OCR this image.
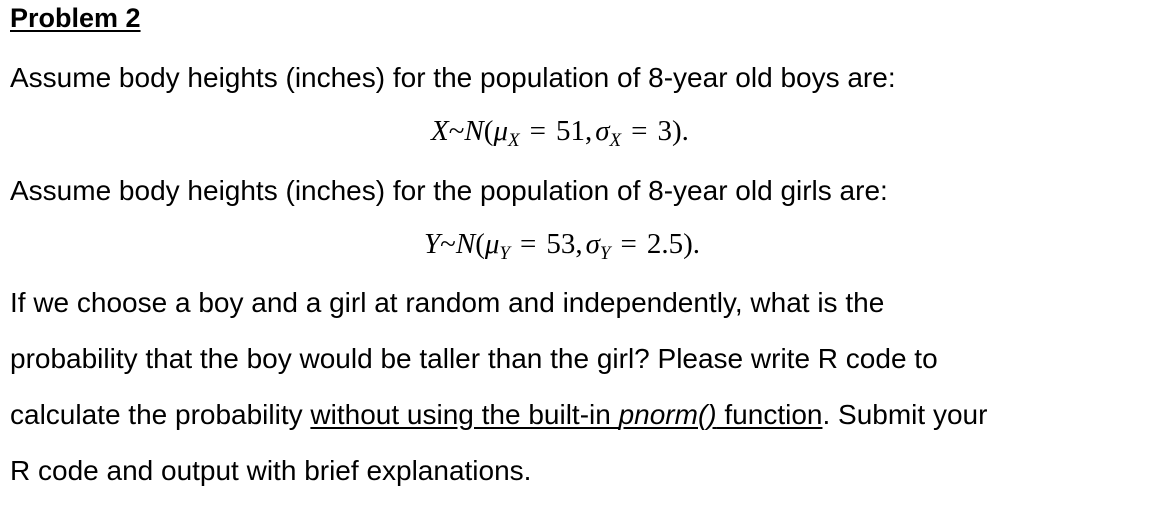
Problem 2
Assume body heights (inches) for the population of 8-year old boys are:
$X\sim N(\mu_X = 51$, $\sigma_X = 3$).
Assume body heights (inches) for the population of 8-year old girls are:
$Y\sim N(\mu_Y = 53$, $\sigma_Y = 2.5$).
If we choose a boy and a girl at random and independently, what is the
probability that the boy would be taller than the girl? Please write R code to
calculate the probability without using the built-in pnorm() function. Submit your
R code and output with brief explanations.
